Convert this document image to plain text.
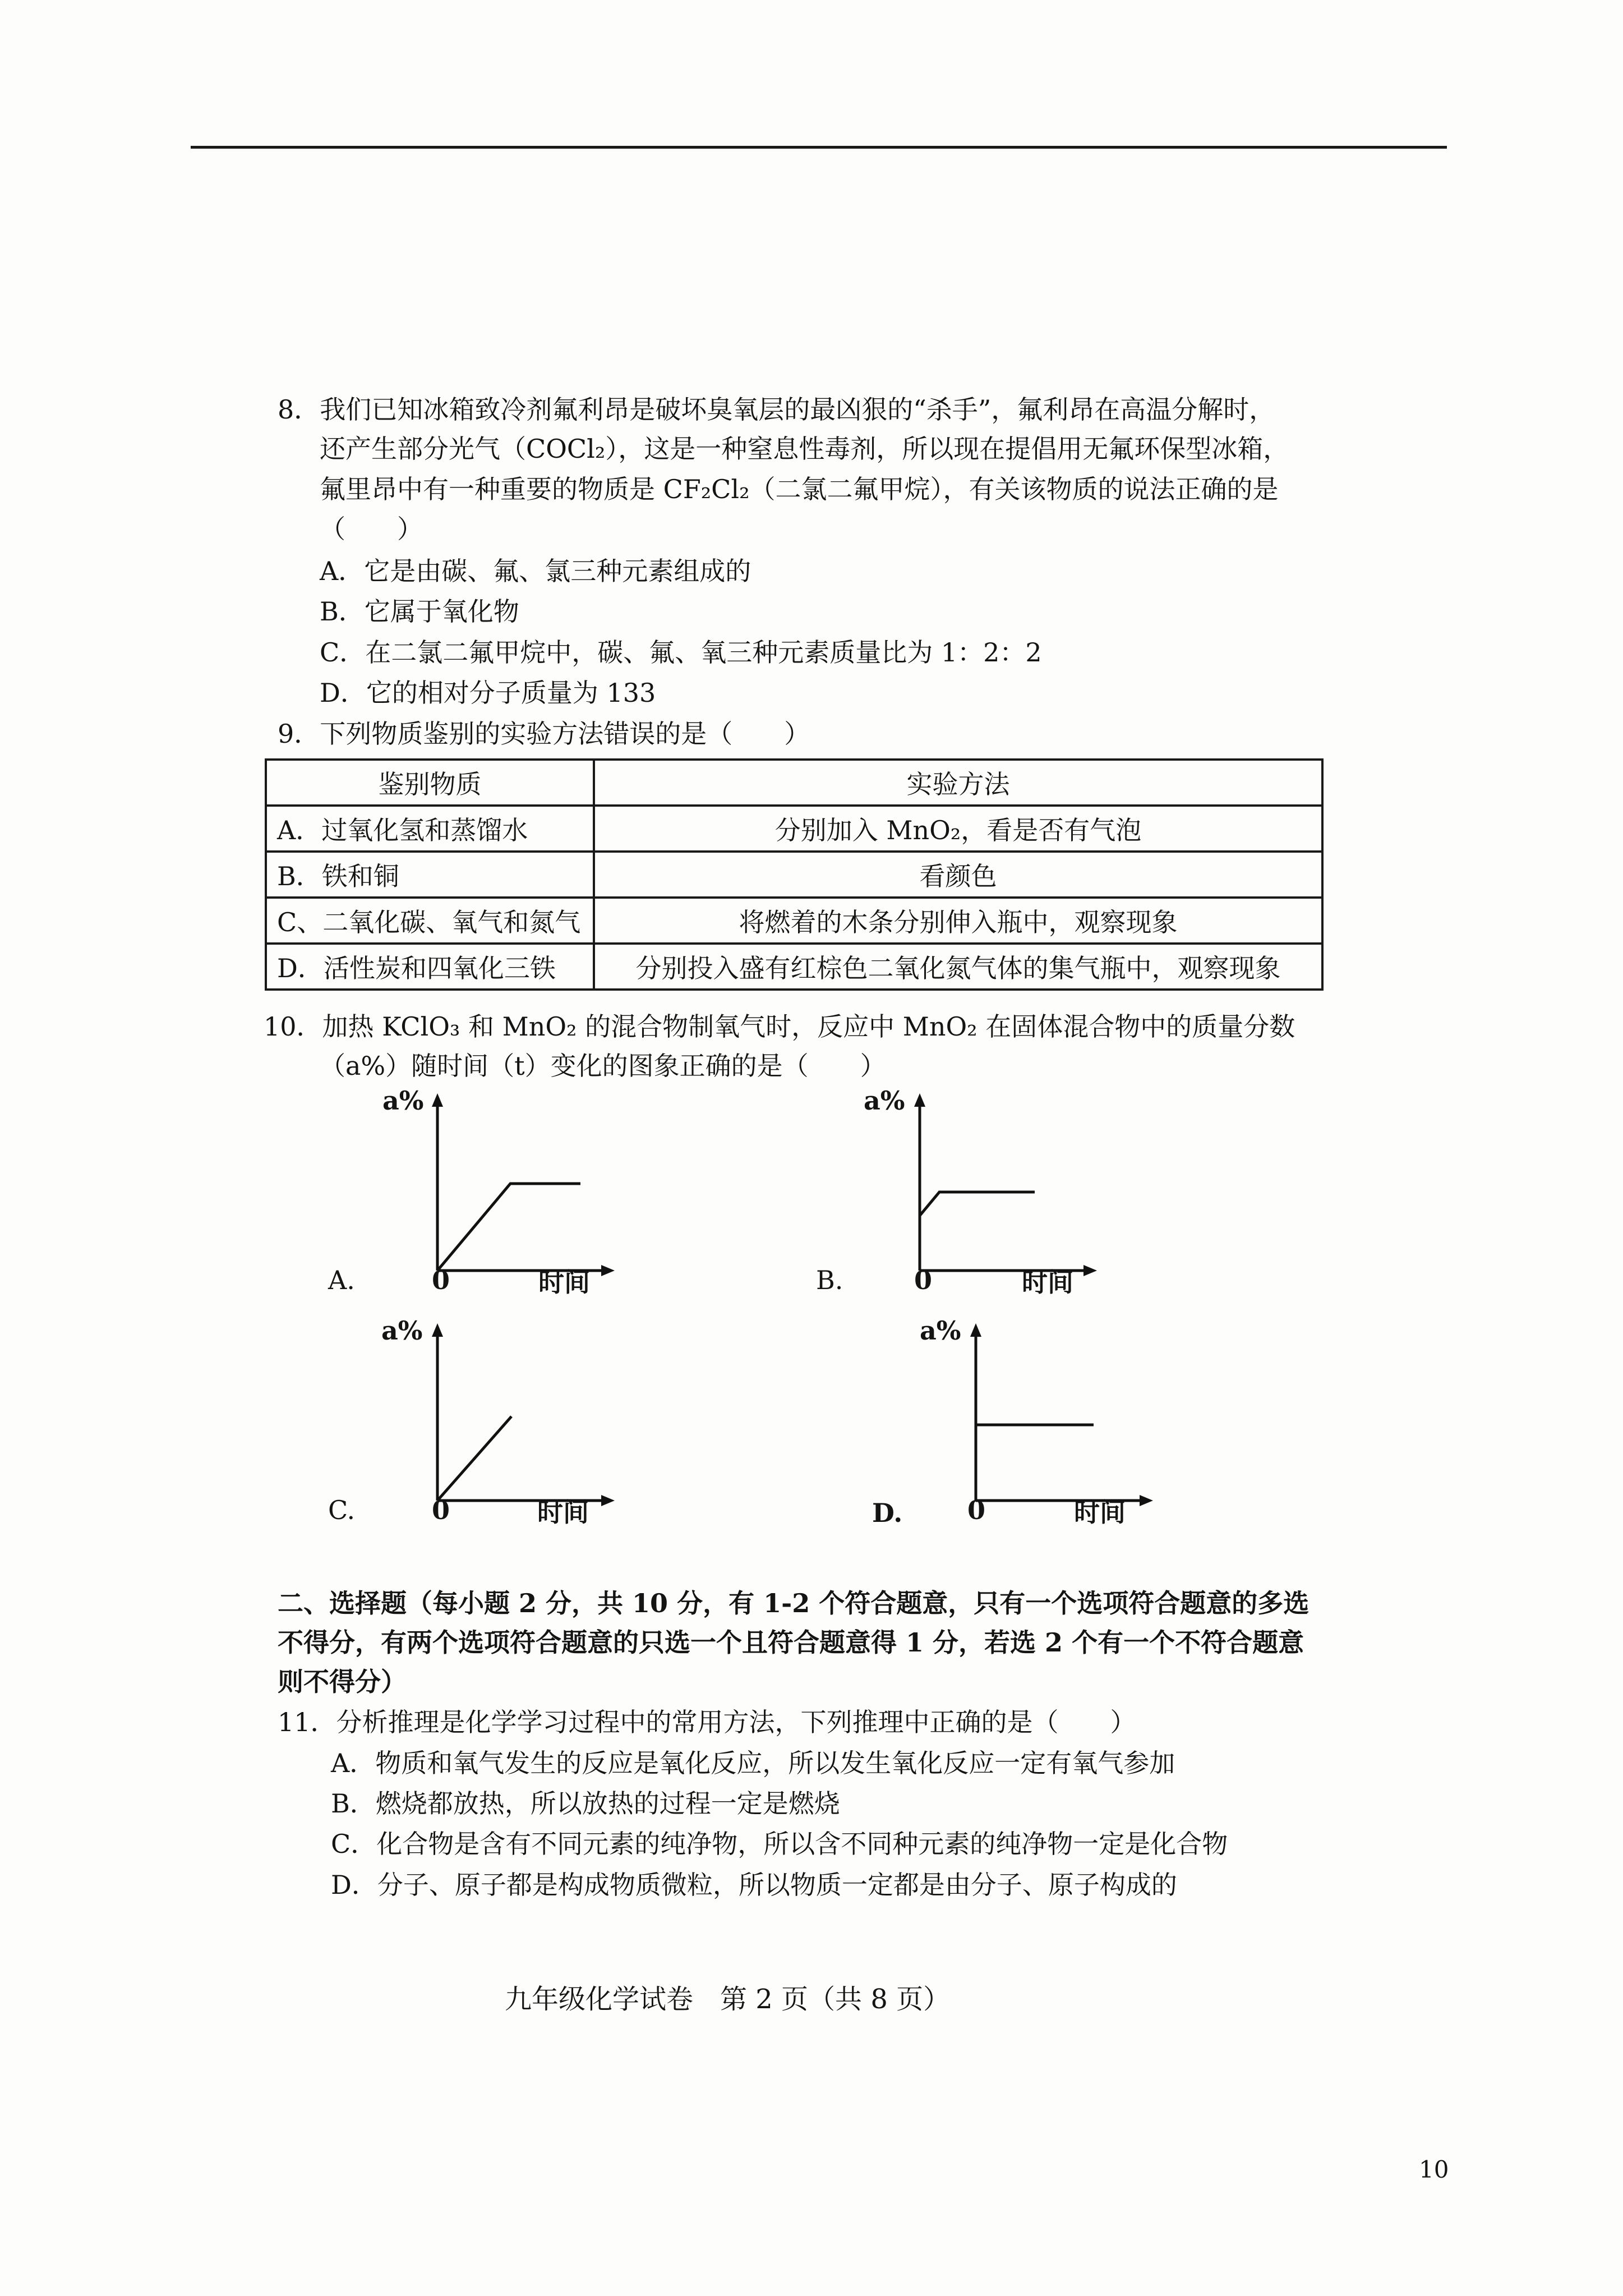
8．我们已知冰箱致冷剂氟利昂是破坏臭氧层的最凶狠的“杀手”，氟利昂在高温分解时，
还产生部分光气（COCl₂），这是一种窒息性毒剂，所以现在提倡用无氟环保型冰箱，
氟里昂中有一种重要的物质是 CF₂Cl₂（二氯二氟甲烷），有关该物质的说法正确的是
（　　）
A．它是由碳、氟、氯三种元素组成的
B．它属于氧化物
C．在二氯二氟甲烷中，碳、氟、氧三种元素质量比为 1：2：2
D．它的相对分子质量为 133
9．下列物质鉴别的实验方法错误的是（　　）
鉴别物质	实验方法
A．过氧化氢和蒸馏水	分别加入 MnO₂，看是否有气泡
B．铁和铜	看颜色
C、二氧化碳、氧气和氮气	将燃着的木条分别伸入瓶中，观察现象
D．活性炭和四氧化三铁	分别投入盛有红棕色二氧化氮气体的集气瓶中，观察现象
10．加热 KClO₃ 和 MnO₂ 的混合物制氧气时，反应中 MnO₂ 在固体混合物中的质量分数
（a%）随时间（t）变化的图象正确的是（　　）
a%
A.	0	时间
a%
B.	0	时间
a%
C.	0	时间
a%
D.	0	时间
二、选择题（每小题 2 分，共 10 分，有 1-2 个符合题意，只有一个选项符合题意的多选
不得分，有两个选项符合题意的只选一个且符合题意得 1 分，若选 2 个有一个不符合题意
则不得分）
11．分析推理是化学学习过程中的常用方法，下列推理中正确的是（　　）
A．物质和氧气发生的反应是氧化反应，所以发生氧化反应一定有氧气参加
B．燃烧都放热，所以放热的过程一定是燃烧
C．化合物是含有不同元素的纯净物，所以含不同种元素的纯净物一定是化合物
D．分子、原子都是构成物质微粒，所以物质一定都是由分子、原子构成的
九年级化学试卷　第 2 页（共 8 页）
10
